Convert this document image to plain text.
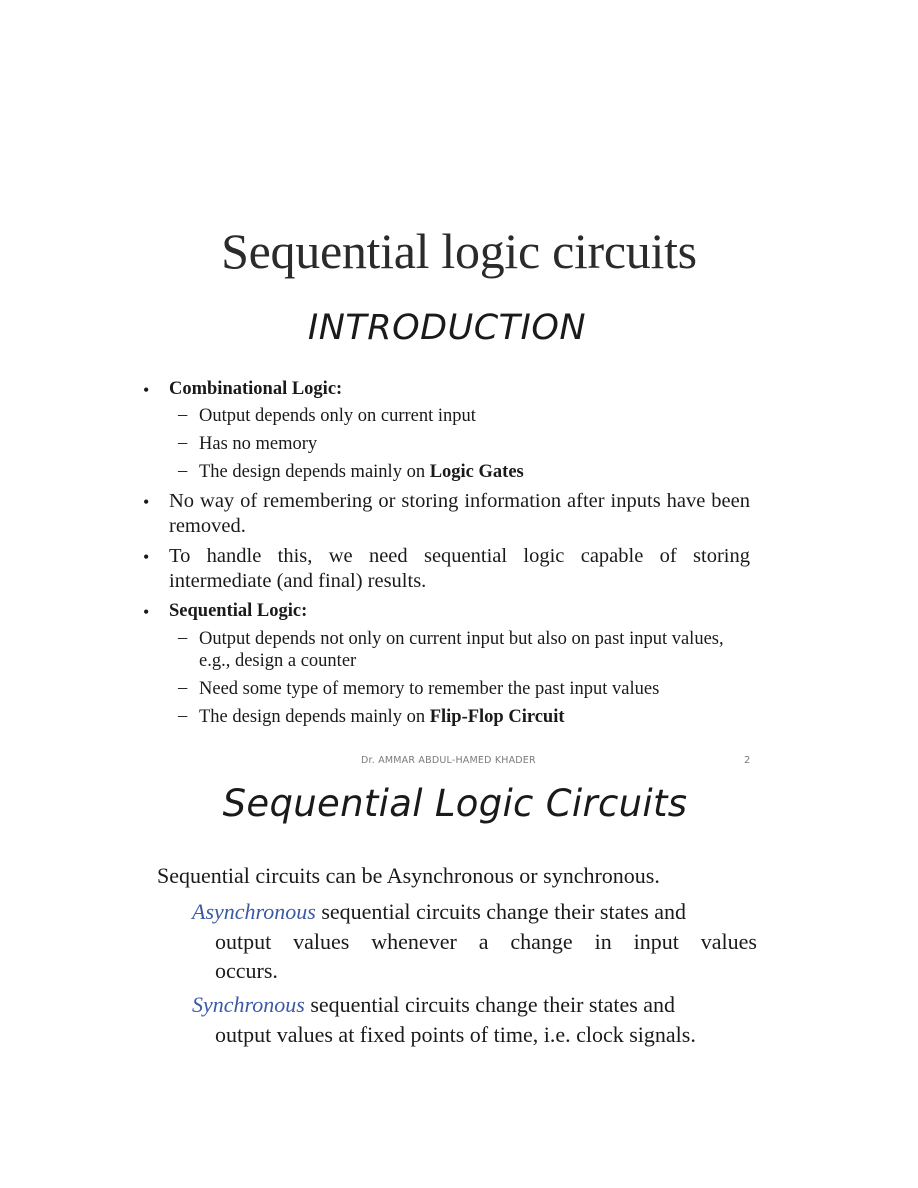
Sequential logic circuits
INTRODUCTION
• Combinational Logic:
– Output depends only on current input
– Has no memory
– The design depends mainly on Logic Gates
• No way of remembering or storing information after inputs have been removed.
• To handle this, we need sequential logic capable of storing intermediate (and final) results.
• Sequential Logic:
– Output depends not only on current input but also on past input values, e.g., design a counter
– Need some type of memory to remember the past input values
– The design depends mainly on Flip-Flop Circuit
Dr. AMMAR ABDUL-HAMED KHADER	2
Sequential Logic Circuits
Sequential circuits can be Asynchronous or synchronous.
Asynchronous sequential circuits change their states and
output values whenever a change in input values
occurs.
Synchronous sequential circuits change their states and
output values at fixed points of time, i.e. clock signals.
